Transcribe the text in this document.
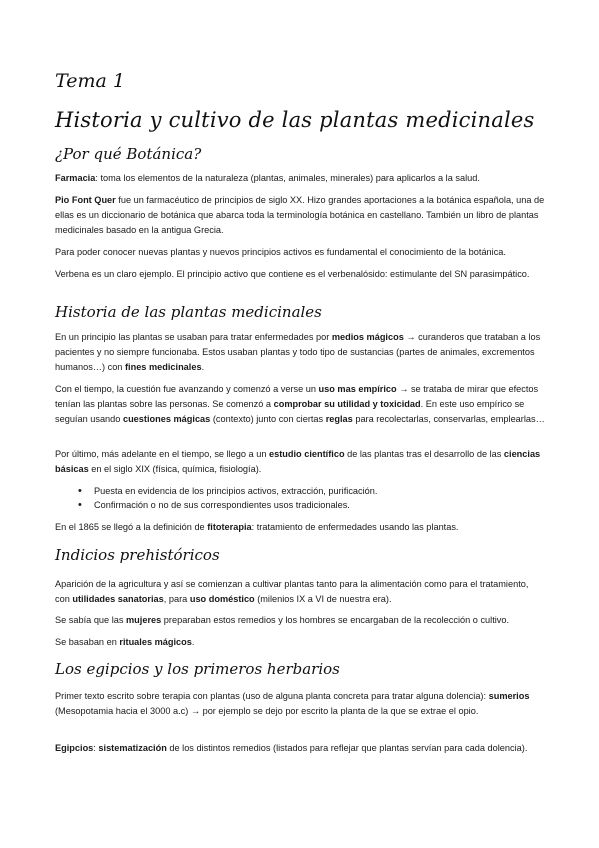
Tema 1
Historia y cultivo de las plantas medicinales
¿Por qué Botánica?

Farmacia: toma los elementos de la naturaleza (plantas, animales, minerales) para aplicarlos a la salud.

Pio Font Quer fue un farmacéutico de principios de siglo XX. Hizo grandes aportaciones a la botánica española, una de ellas es un diccionario de botánica que abarca toda la terminología botánica en castellano. También un libro de plantas medicinales basado en la antigua Grecia.

Para poder conocer nuevas plantas y nuevos principios activos es fundamental el conocimiento de la botánica.

Verbena es un claro ejemplo. El principio activo que contiene es el verbenalósido: estimulante del SN parasimpático.

Historia de las plantas medicinales

En un principio las plantas se usaban para tratar enfermedades por medios mágicos → curanderos que trataban a los pacientes y no siempre funcionaba. Estos usaban plantas y todo tipo de sustancias (partes de animales, excrementos humanos…) con fines medicinales.

Con el tiempo, la cuestión fue avanzando y comenzó a verse un uso mas empírico → se trataba de mirar que efectos tenían las plantas sobre las personas. Se comenzó a comprobar su utilidad y toxicidad. En este uso empírico se seguían usando cuestiones mágicas (contexto) junto con ciertas reglas para recolectarlas, conservarlas, emplearlas…

Por último, más adelante en el tiempo, se llego a un estudio científico de las plantas tras el desarrollo de las ciencias básicas en el siglo XIX (física, química, fisiología).

• Puesta en evidencia de los principios activos, extracción, purificación.
• Confirmación o no de sus correspondientes usos tradicionales.

En el 1865 se llegó a la definición de fitoterapia: tratamiento de enfermedades usando las plantas.

Indicios prehistóricos

Aparición de la agricultura y así se comienzan a cultivar plantas tanto para la alimentación como para el tratamiento, con utilidades sanatorias, para uso doméstico (milenios IX a VI de nuestra era).

Se sabía que las mujeres preparaban estos remedios y los hombres se encargaban de la recolección o cultivo.

Se basaban en rituales mágicos.

Los egipcios y los primeros herbarios

Primer texto escrito sobre terapia con plantas (uso de alguna planta concreta para tratar alguna dolencia): sumerios (Mesopotamia hacia el 3000 a.c) → por ejemplo se dejo por escrito la planta de la que se extrae el opio.

Egipcios: sistematización de los distintos remedios (listados para reflejar que plantas servían para cada dolencia).
